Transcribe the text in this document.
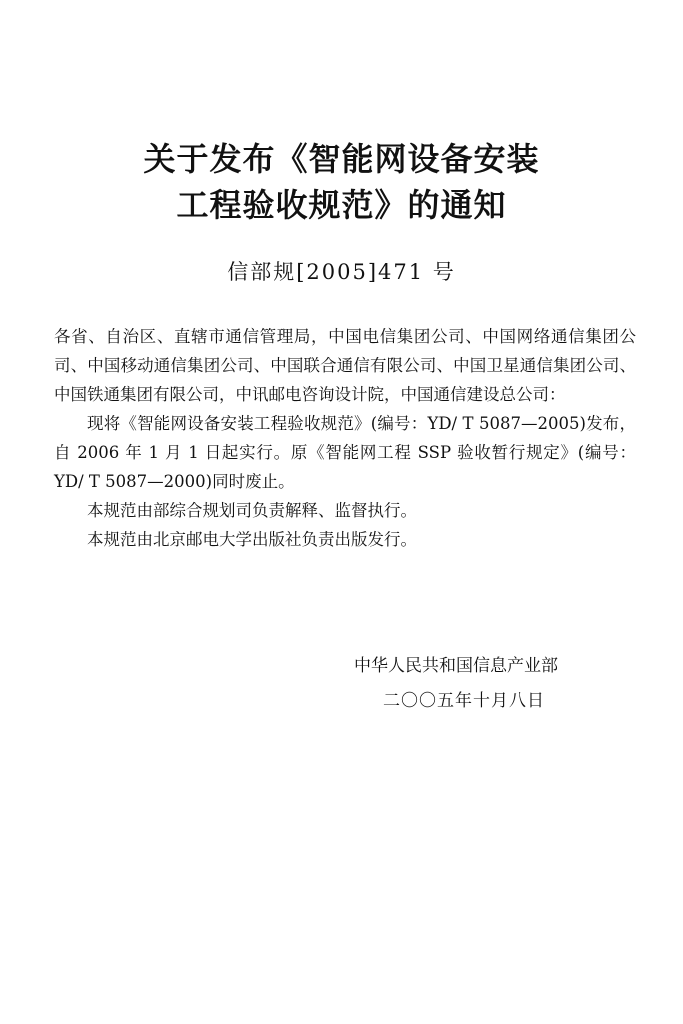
关于发布《智能网设备安装
工程验收规范》的通知
信部规[2005]471 号

各省、自治区、直辖市通信管理局，中国电信集团公司、中国网络通信集团公司、中国移动通信集团公司、中国联合通信有限公司、中国卫星通信集团公司、中国铁通集团有限公司，中讯邮电咨询设计院，中国通信建设总公司：

现将《智能网设备安装工程验收规范》(编号：YD/ T 5087—2005)发布，自 2006 年 1 月 1 日起实行。原《智能网工程 SSP 验收暂行规定》(编号：YD/ T 5087—2000)同时废止。

本规范由部综合规划司负责解释、监督执行。

本规范由北京邮电大学出版社负责出版发行。

中华人民共和国信息产业部
二〇〇五年十月八日
